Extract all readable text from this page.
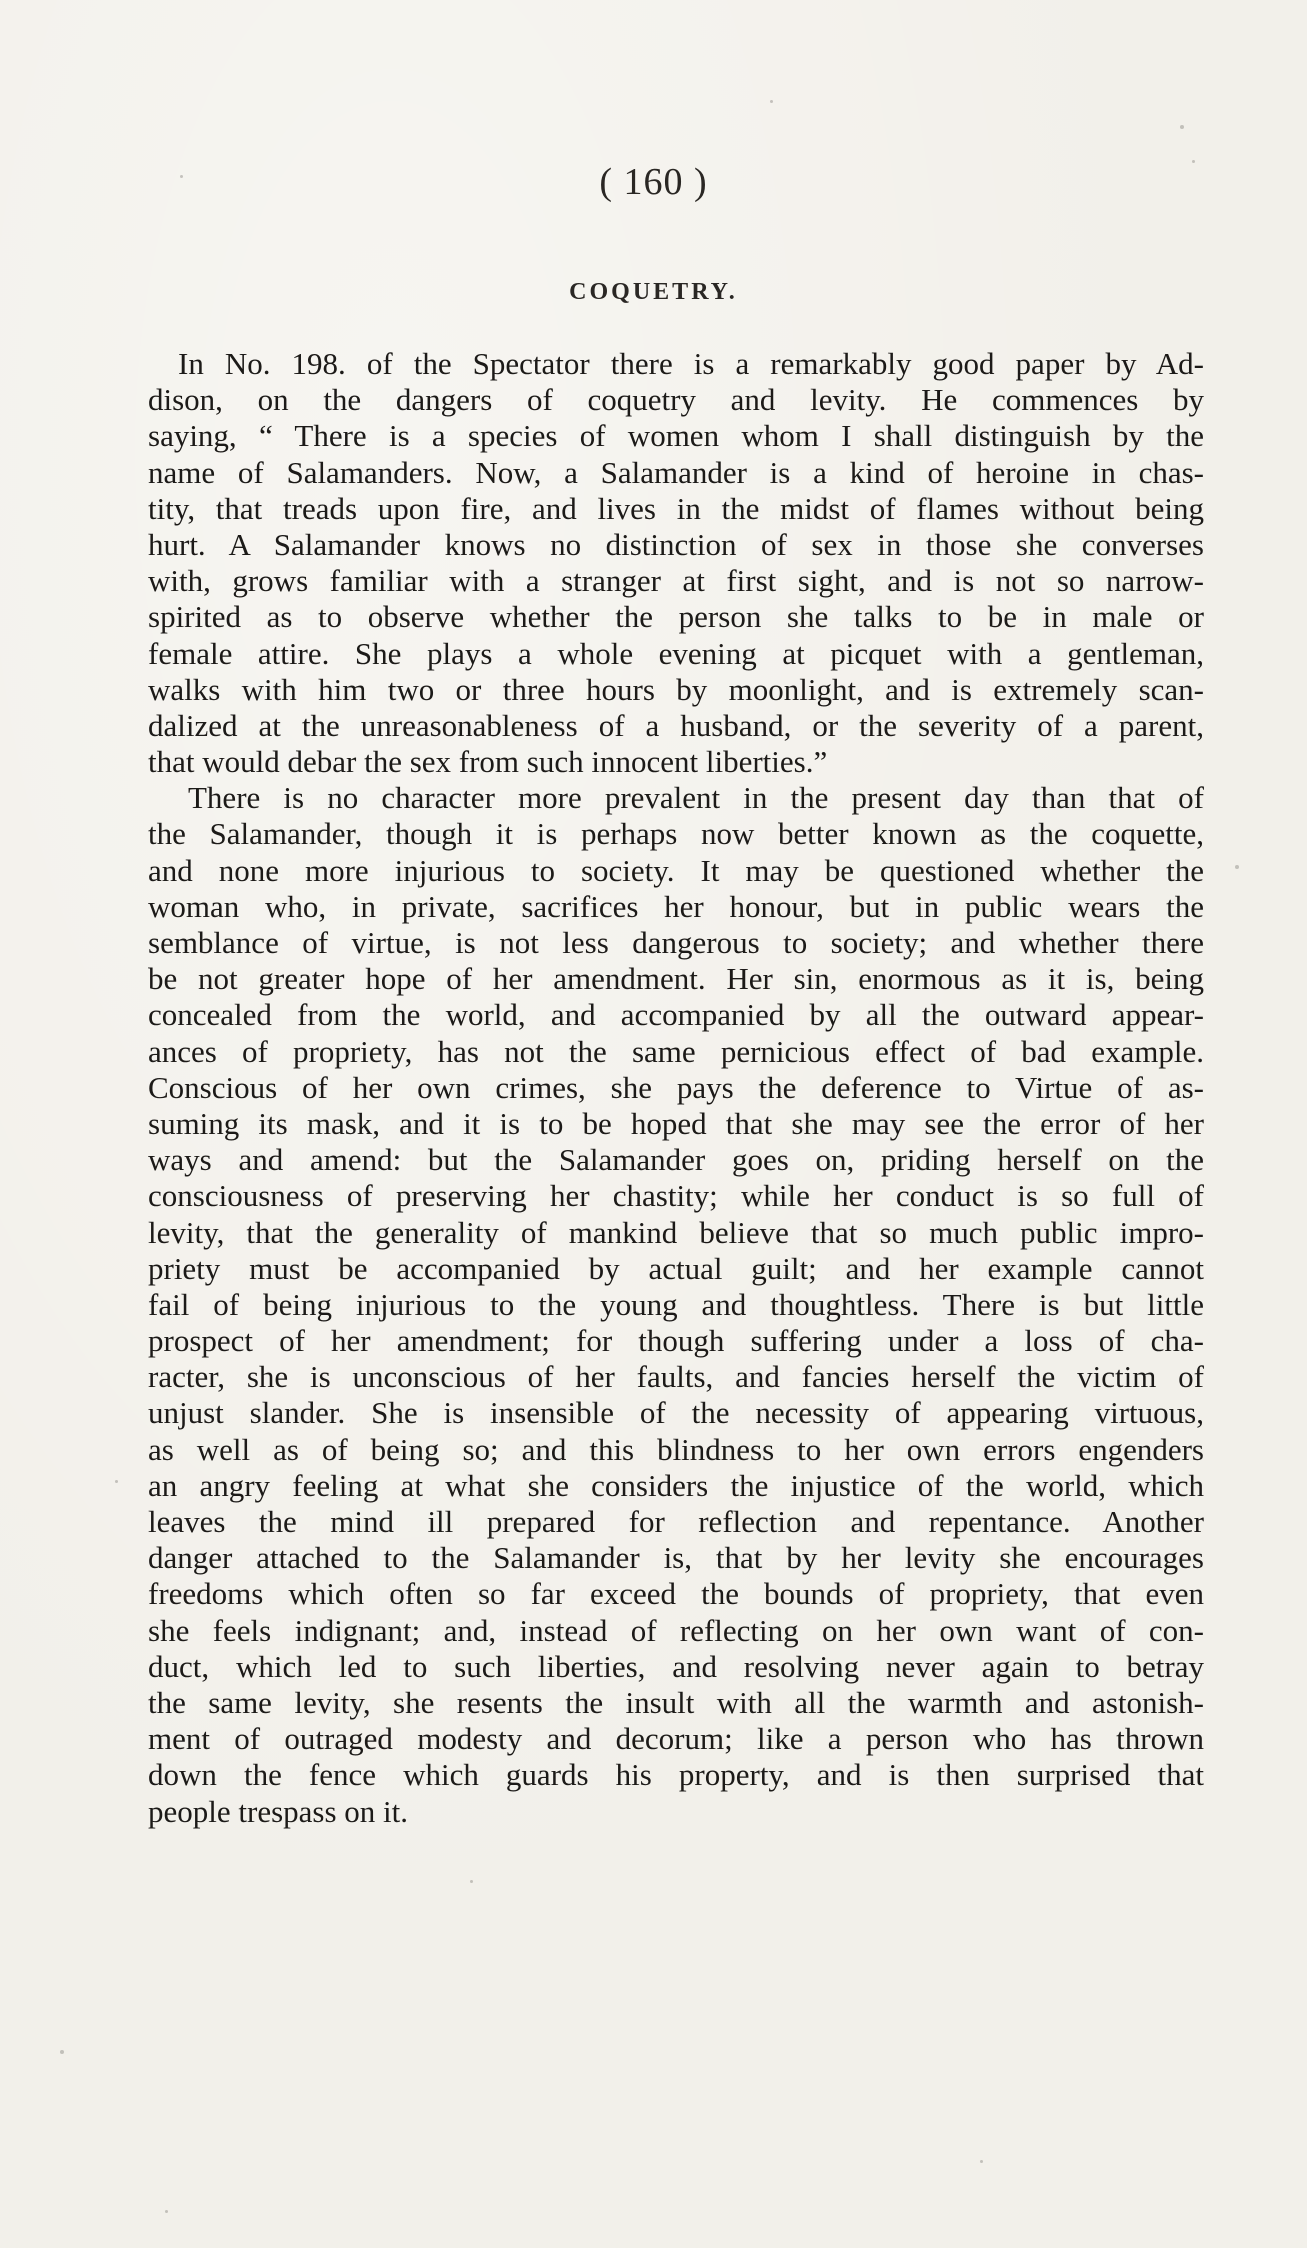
( 160 )
COQUETRY.
In No. 198. of the Spectator there is a remarkably good paper by Ad-
dison, on the dangers of coquetry and levity. He commences by
saying, “ There is a species of women whom I shall distinguish by the
name of Salamanders. Now, a Salamander is a kind of heroine in chas-
tity, that treads upon fire, and lives in the midst of flames without being
hurt. A Salamander knows no distinction of sex in those she converses
with, grows familiar with a stranger at first sight, and is not so narrow-
spirited as to observe whether the person she talks to be in male or
female attire. She plays a whole evening at picquet with a gentleman,
walks with him two or three hours by moonlight, and is extremely scan-
dalized at the unreasonableness of a husband, or the severity of a parent,
that would debar the sex from such innocent liberties.”
There is no character more prevalent in the present day than that of
the Salamander, though it is perhaps now better known as the coquette,
and none more injurious to society. It may be questioned whether the
woman who, in private, sacrifices her honour, but in public wears the
semblance of virtue, is not less dangerous to society; and whether there
be not greater hope of her amendment. Her sin, enormous as it is, being
concealed from the world, and accompanied by all the outward appear-
ances of propriety, has not the same pernicious effect of bad example.
Conscious of her own crimes, she pays the deference to Virtue of as-
suming its mask, and it is to be hoped that she may see the error of her
ways and amend: but the Salamander goes on, priding herself on the
consciousness of preserving her chastity; while her conduct is so full of
levity, that the generality of mankind believe that so much public impro-
priety must be accompanied by actual guilt; and her example cannot
fail of being injurious to the young and thoughtless. There is but little
prospect of her amendment; for though suffering under a loss of cha-
racter, she is unconscious of her faults, and fancies herself the victim of
unjust slander. She is insensible of the necessity of appearing virtuous,
as well as of being so; and this blindness to her own errors engenders
an angry feeling at what she considers the injustice of the world, which
leaves the mind ill prepared for reflection and repentance. Another
danger attached to the Salamander is, that by her levity she encourages
freedoms which often so far exceed the bounds of propriety, that even
she feels indignant; and, instead of reflecting on her own want of con-
duct, which led to such liberties, and resolving never again to betray
the same levity, she resents the insult with all the warmth and astonish-
ment of outraged modesty and decorum; like a person who has thrown
down the fence which guards his property, and is then surprised that
people trespass on it.
